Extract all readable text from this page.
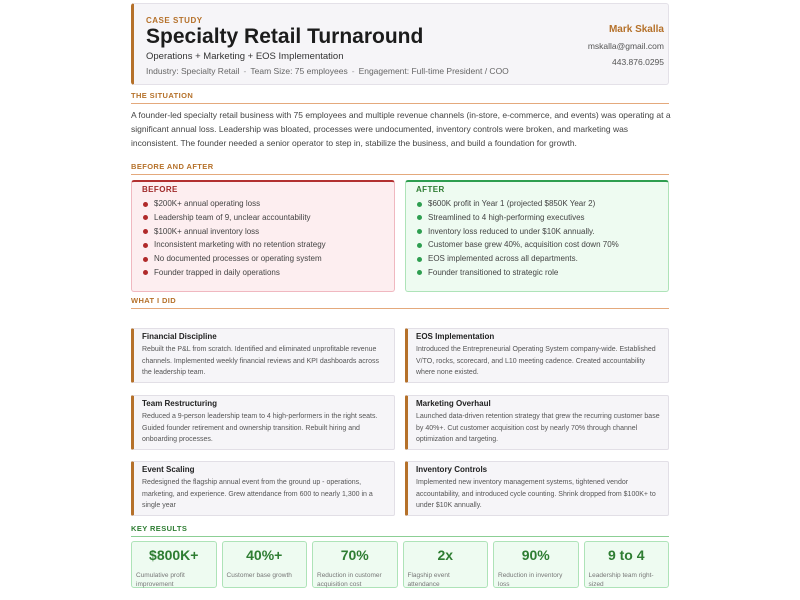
CASE STUDY
Specialty Retail Turnaround
Operations + Marketing + EOS Implementation
Industry: Specialty Retail - Team Size: 75 employees - Engagement: Full-time President / COO
Mark Skalla
mskalla@gmail.com
443.876.0295
THE SITUATION
A founder-led specialty retail business with 75 employees and multiple revenue channels (in-store, e-commerce, and events) was operating at a significant annual loss. Leadership was bloated, processes were undocumented, inventory controls were broken, and marketing was inconsistent. The founder needed a senior operator to step in, stabilize the business, and build a foundation for growth.
BEFORE AND AFTER
BEFORE
$200K+ annual operating loss
Leadership team of 9, unclear accountability
$100K+ annual inventory loss
Inconsistent marketing with no retention strategy
No documented processes or operating system
Founder trapped in daily operations
AFTER
$600K profit in Year 1 (projected $850K Year 2)
Streamlined to 4 high-performing executives
Inventory loss reduced to under $10K annually.
Customer base grew 40%, acquisition cost down 70%
EOS implemented across all departments.
Founder transitioned to strategic role
WHAT I DID
Financial Discipline
Rebuilt the P&L from scratch. Identified and eliminated unprofitable revenue channels. Implemented weekly financial reviews and KPI dashboards across the leadership team.
EOS Implementation
Introduced the Entrepreneurial Operating System company-wide. Established V/TO, rocks, scorecard, and L10 meeting cadence. Created accountability where none existed.
Team Restructuring
Reduced a 9-person leadership team to 4 high-performers in the right seats. Guided founder retirement and ownership transition. Rebuilt hiring and onboarding processes.
Marketing Overhaul
Launched data-driven retention strategy that grew the recurring customer base by 40%+. Cut customer acquisition cost by nearly 70% through channel optimization and targeting.
Event Scaling
Redesigned the flagship annual event from the ground up - operations, marketing, and experience. Grew attendance from 600 to nearly 1,300 in a single year
Inventory Controls
Implemented new inventory management systems, tightened vendor accountability, and introduced cycle counting. Shrink dropped from $100K+ to under $10K annually.
KEY RESULTS
$800K+
Cumulative profit improvement
40%+
Customer base growth
70%
Reduction in customer acquisition cost
2x
Flagship event attendance
90%
Reduction in inventory loss
9 to 4
Leadership team right-sized
